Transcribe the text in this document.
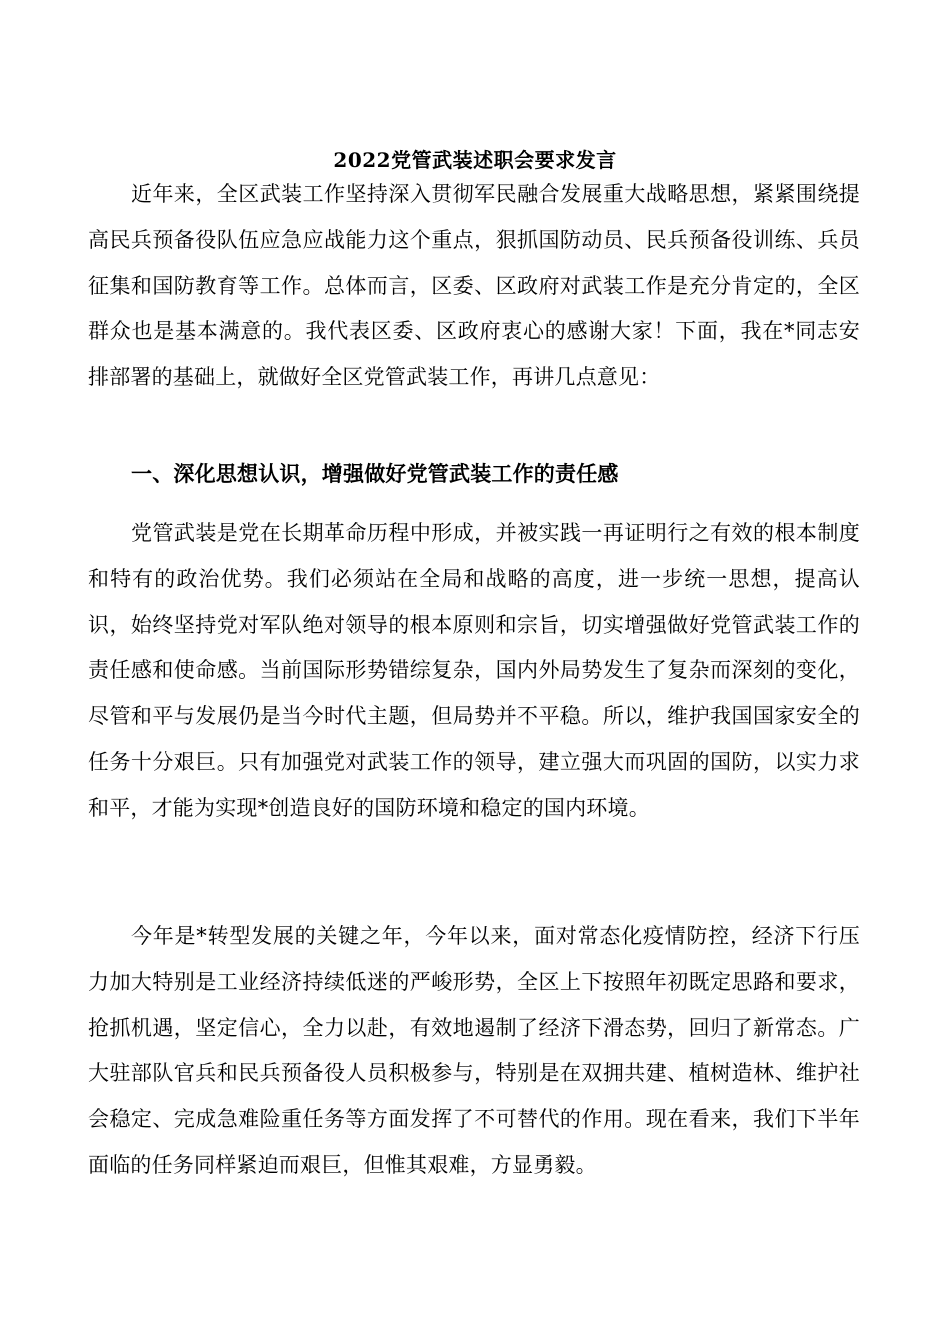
2022党管武装述职会要求发言

近年来，全区武装工作坚持深入贯彻军民融合发展重大战略思想，紧紧围绕提高民兵预备役队伍应急应战能力这个重点，狠抓国防动员、民兵预备役训练、兵员征集和国防教育等工作。总体而言，区委、区政府对武装工作是充分肯定的，全区群众也是基本满意的。我代表区委、区政府衷心的感谢大家！下面，我在*同志安排部署的基础上，就做好全区党管武装工作，再讲几点意见：

一、深化思想认识，增强做好党管武装工作的责任感

党管武装是党在长期革命历程中形成，并被实践一再证明行之有效的根本制度和特有的政治优势。我们必须站在全局和战略的高度，进一步统一思想，提高认识，始终坚持党对军队绝对领导的根本原则和宗旨，切实增强做好党管武装工作的责任感和使命感。当前国际形势错综复杂，国内外局势发生了复杂而深刻的变化，尽管和平与发展仍是当今时代主题，但局势并不平稳。所以，维护我国国家安全的任务十分艰巨。只有加强党对武装工作的领导，建立强大而巩固的国防，以实力求和平，才能为实现*创造良好的国防环境和稳定的国内环境。

今年是*转型发展的关键之年，今年以来，面对常态化疫情防控，经济下行压力加大特别是工业经济持续低迷的严峻形势，全区上下按照年初既定思路和要求，抢抓机遇，坚定信心，全力以赴，有效地遏制了经济下滑态势，回归了新常态。广大驻部队官兵和民兵预备役人员积极参与，特别是在双拥共建、植树造林、维护社会稳定、完成急难险重任务等方面发挥了不可替代的作用。现在看来，我们下半年面临的任务同样紧迫而艰巨，但惟其艰难，方显勇毅。
